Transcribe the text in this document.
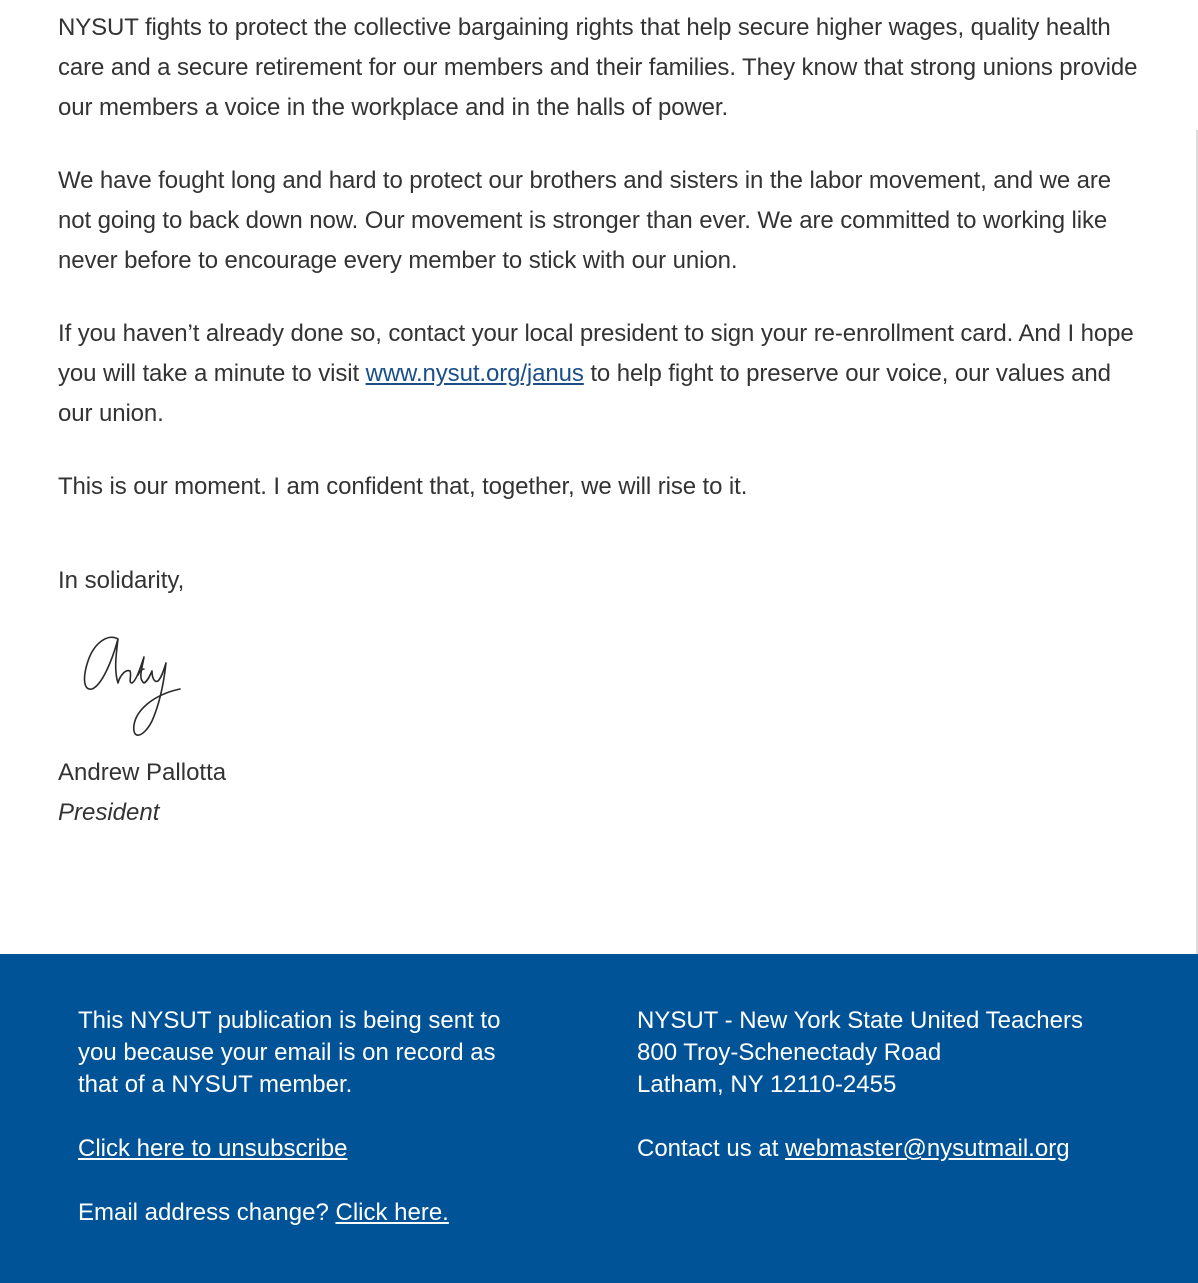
NYSUT fights to protect the collective bargaining rights that help secure higher wages, quality health care and a secure retirement for our members and their families. They know that strong unions provide our members a voice in the workplace and in the halls of power.

We have fought long and hard to protect our brothers and sisters in the labor movement, and we are not going to back down now. Our movement is stronger than ever. We are committed to working like never before to encourage every member to stick with our union.

If you haven’t already done so, contact your local president to sign your re-enrollment card. And I hope you will take a minute to visit www.nysut.org/janus to help fight to preserve our voice, our values and our union.

This is our moment. I am confident that, together, we will rise to it.

In solidarity,
Andrew Pallotta
President

This NYSUT publication is being sent to
you because your email is on record as
that of a NYSUT member.

Click here to unsubscribe

Email address change? Click here.

NYSUT - New York State United Teachers
800 Troy-Schenectady Road
Latham, NY 12110-2455

Contact us at webmaster@nysutmail.org
